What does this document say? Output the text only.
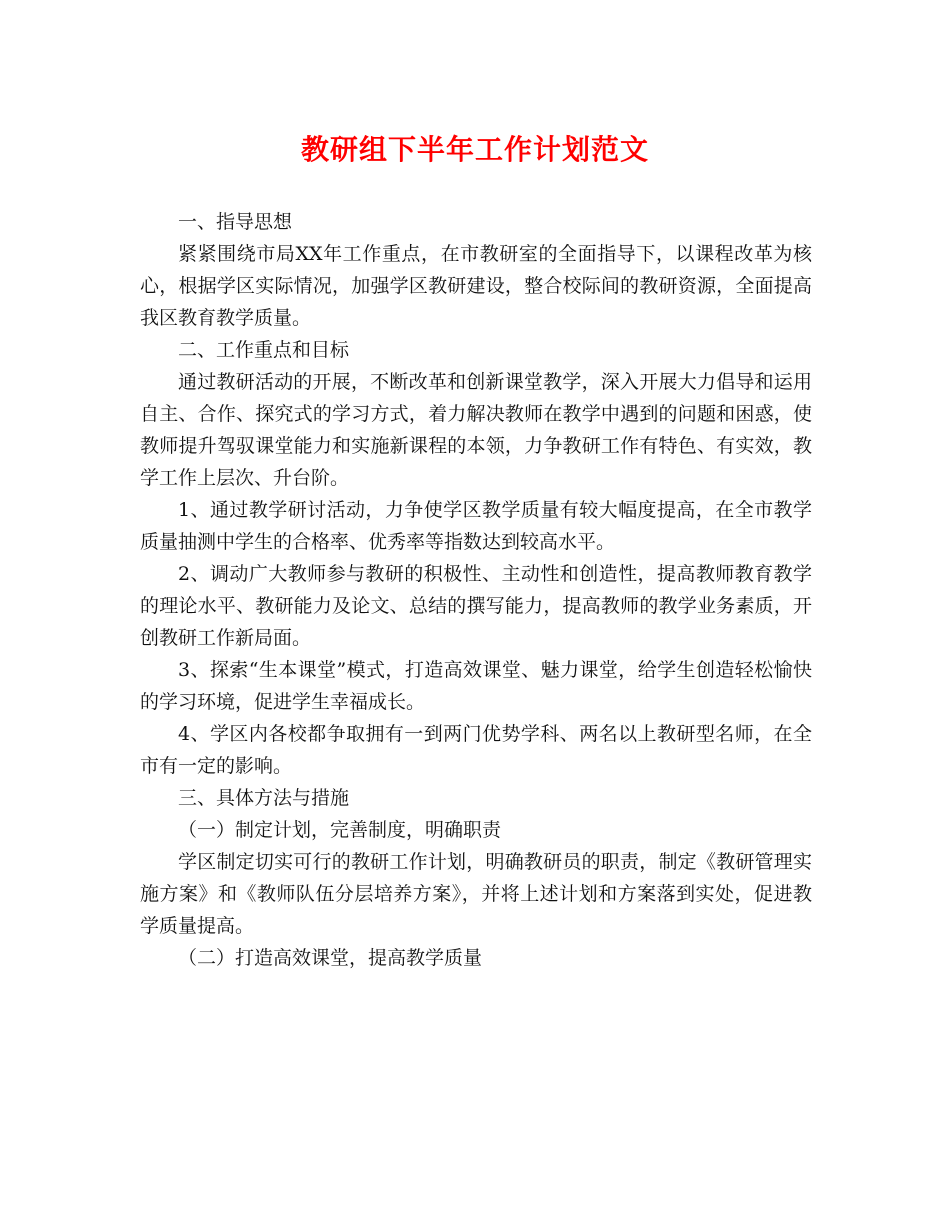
教研组下半年工作计划范文

一、指导思想

紧紧围绕市局XX年工作重点，在市教研室的全面指导下，以课程改革为核心，根据学区实际情况，加强学区教研建设，整合校际间的教研资源，全面提高我区教育教学质量。

二、工作重点和目标

通过教研活动的开展，不断改革和创新课堂教学，深入开展大力倡导和运用自主、合作、探究式的学习方式，着力解决教师在教学中遇到的问题和困惑，使教师提升驾驭课堂能力和实施新课程的本领，力争教研工作有特色、有实效，教学工作上层次、升台阶。

1、通过教学研讨活动，力争使学区教学质量有较大幅度提高，在全市教学质量抽测中学生的合格率、优秀率等指数达到较高水平。

2、调动广大教师参与教研的积极性、主动性和创造性，提高教师教育教学的理论水平、教研能力及论文、总结的撰写能力，提高教师的教学业务素质，开创教研工作新局面。

3、探索“生本课堂”模式，打造高效课堂、魅力课堂，给学生创造轻松愉快的学习环境，促进学生幸福成长。

4、学区内各校都争取拥有一到两门优势学科、两名以上教研型名师，在全市有一定的影响。

三、具体方法与措施

（一）制定计划，完善制度，明确职责

学区制定切实可行的教研工作计划，明确教研员的职责，制定《教研管理实施方案》和《教师队伍分层培养方案》，并将上述计划和方案落到实处，促进教学质量提高。

（二）打造高效课堂，提高教学质量
